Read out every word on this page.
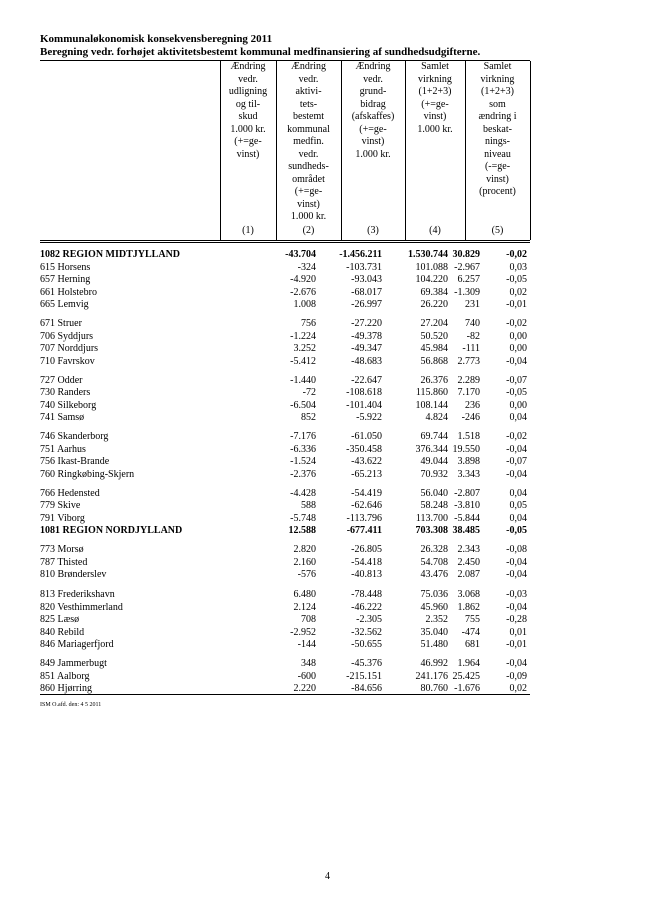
Kommunaløkonomisk konsekvensberegning 2011
Beregning vedr. forhøjet aktivitetsbestemt kommunal medfinansiering af sundhedsudgifterne.
Ændring
vedr.
udligning
og til-
skud
1.000 kr.
(+=ge-
vinst)
(1)
Ændring
vedr.
aktivi-
tets-
bestemt
kommunal
medfin.
vedr.
sundheds-
området
(+=ge-
vinst)
1.000 kr.
(2)
Ændring
vedr.
grund-
bidrag
(afskaffes)
(+=ge-
vinst)
1.000 kr.
(3)
Samlet
virkning
(1+2+3)
(+=ge-
vinst)
1.000 kr.
(4)
Samlet
virkning
(1+2+3)
som
ændring i
beskat-
nings-
niveau
(-=ge-
vinst)
(procent)
(5)
1082 REGION MIDTJYLLAND	-43.704 -1.456.211	1.530.744 30.829	-0,02
615 Horsens	-324	-103.731	101.088 -2.967	0,03
657 Herning	-4.920	-93.043	104.220 6.257	-0,05
661 Holstebro	-2.676	-68.017	69.384 -1.309	0,02
665 Lemvig	1.008	-26.997	26.220 231	-0,01
671 Struer	756	-27.220	27.204 740	-0,02
706 Syddjurs	-1.224	-49.378	50.520 -82	0,00
707 Norddjurs	3.252	-49.347	45.984 -111	0,00
710 Favrskov	-5.412	-48.683	56.868 2.773	-0,04
727 Odder	-1.440	-22.647	26.376 2.289	-0,07
730 Randers	-72	-108.618	115.860 7.170	-0,05
740 Silkeborg	-6.504	-101.404	108.144 236	0,00
741 Samsø	852	-5.922	4.824 -246	0,04
746 Skanderborg	-7.176	-61.050	69.744 1.518	-0,02
751 Aarhus	-6.336	-350.458	376.344 19.550	-0,04
756 Ikast-Brande	-1.524	-43.622	49.044 3.898	-0,07
760 Ringkøbing-Skjern	-2.376	-65.213	70.932 3.343	-0,04
766 Hedensted	-4.428	-54.419	56.040 -2.807	0,04
779 Skive	588	-62.646	58.248 -3.810	0,05
791 Viborg	-5.748	-113.796	113.700 -5.844	0,04
1081 REGION NORDJYLLAND	12.588	-677.411	703.308 38.485	-0,05
773 Morsø	2.820	-26.805	26.328 2.343	-0,08
787 Thisted	2.160	-54.418	54.708 2.450	-0,04
810 Brønderslev	-576	-40.813	43.476 2.087	-0,04
813 Frederikshavn	6.480	-78.448	75.036 3.068	-0,03
820 Vesthimmerland	2.124	-46.222	45.960 1.862	-0,04
825 Læsø	708	-2.305	2.352 755	-0,28
840 Rebild	-2.952	-32.562	35.040 -474	0,01
846 Mariagerfjord	-144	-50.655	51.480 681	-0,01
849 Jammerbugt	348	-45.376	46.992 1.964	-0,04
851 Aalborg	-600	-215.151	241.176 25.425	-0,09
860 Hjørring	2.220	-84.656	80.760 -1.676	0,02
ISM O.afd. den: 4 5 2011
4
